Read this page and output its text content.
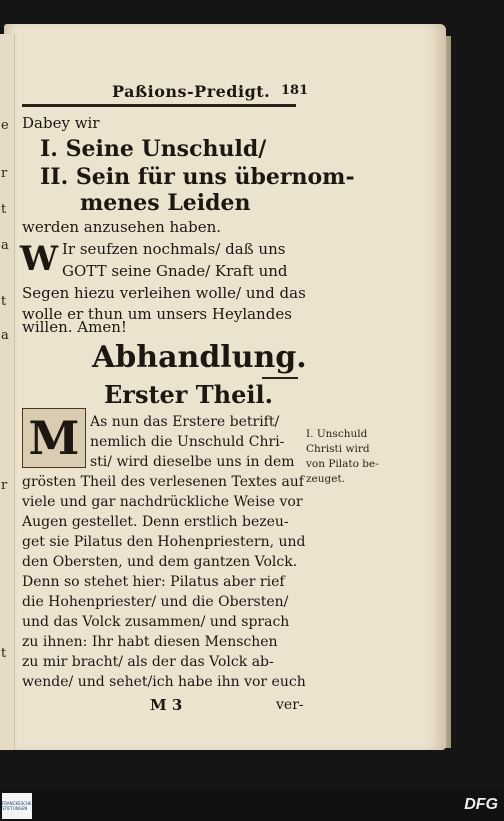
e
r
t
a
t
a
r
t
Paßions-Predigt. 181
Dabey wir
I. Seine Unschuld/
II. Sein für uns übernom-
menes Leiden
werden anzusehen haben.
W Ir seufzen nochmals/ daß uns
GOTT seine Gnade/ Kraft und
Segen hiezu verleihen wolle/ und das
wolle er thun um unsers Heylandes
willen. Amen!
Abhandlung.
Erster Theil.
M As nun das Erstere betrift/
nemlich die Unschuld Chri-
sti/ wird dieselbe uns in dem
grösten Theil des verlesenen Textes auf
viele und gar nachdrückliche Weise vor
Augen gestellet. Denn erstlich bezeu-
get sie Pilatus den Hohenpriestern, und
den Obersten, und dem gantzen Volck.
Denn so stehet hier: Pilatus aber rief
die Hohenpriester/ und die Obersten/
und das Volck zusammen/ und sprach
zu ihnen: Ihr habt diesen Menschen
zu mir bracht/ als der das Volck ab-
wende/ und sehet/ich habe ihn vor euch
M 3	ver-
I. Unschuld
Christi wird
von Pilato be-
zeuget.
FRANCKESCHE STIFTUNGEN	DFG
